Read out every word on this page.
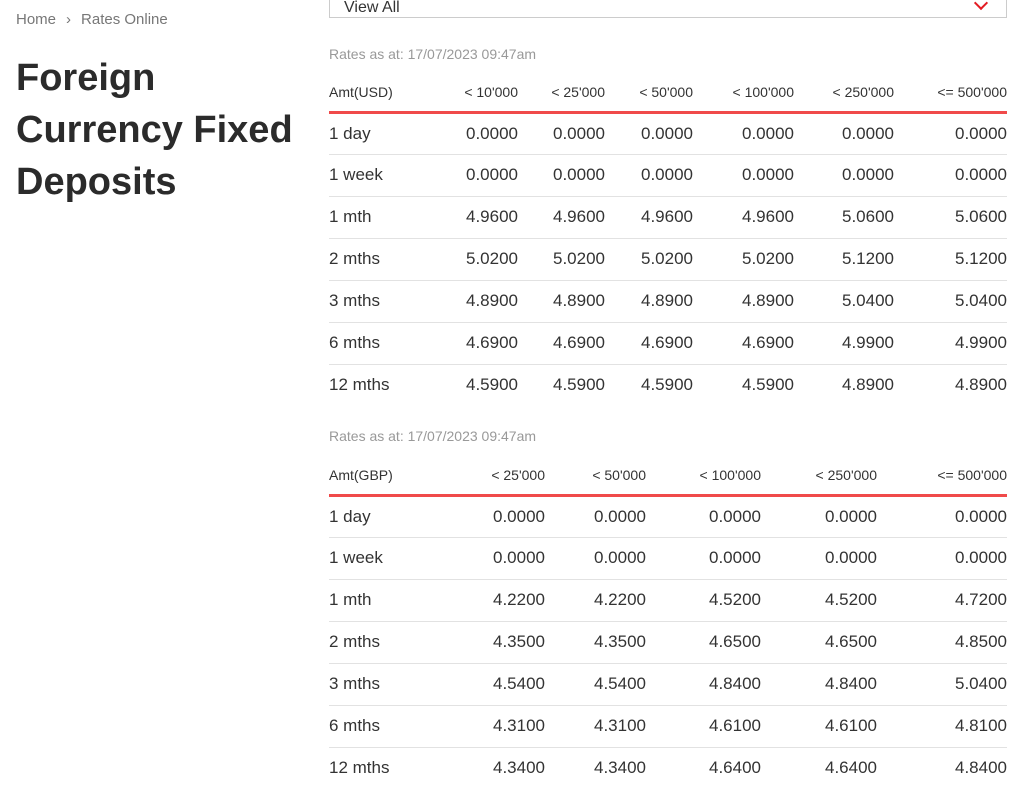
Home › Rates Online
Foreign Currency Fixed Deposits
View All
Rates as at: 17/07/2023 09:47am
Amt(USD)	< 10'000	< 25'000	< 50'000	< 100'000	< 250'000	<= 500'000
1 day	0.0000	0.0000	0.0000	0.0000	0.0000	0.0000
1 week	0.0000	0.0000	0.0000	0.0000	0.0000	0.0000
1 mth	4.9600	4.9600	4.9600	4.9600	5.0600	5.0600
2 mths	5.0200	5.0200	5.0200	5.0200	5.1200	5.1200
3 mths	4.8900	4.8900	4.8900	4.8900	5.0400	5.0400
6 mths	4.6900	4.6900	4.6900	4.6900	4.9900	4.9900
12 mths	4.5900	4.5900	4.5900	4.5900	4.8900	4.8900
Rates as at: 17/07/2023 09:47am
Amt(GBP)	< 25'000	< 50'000	< 100'000	< 250'000	<= 500'000
1 day	0.0000	0.0000	0.0000	0.0000	0.0000
1 week	0.0000	0.0000	0.0000	0.0000	0.0000
1 mth	4.2200	4.2200	4.5200	4.5200	4.7200
2 mths	4.3500	4.3500	4.6500	4.6500	4.8500
3 mths	4.5400	4.5400	4.8400	4.8400	5.0400
6 mths	4.3100	4.3100	4.6100	4.6100	4.8100
12 mths	4.3400	4.3400	4.6400	4.6400	4.8400
